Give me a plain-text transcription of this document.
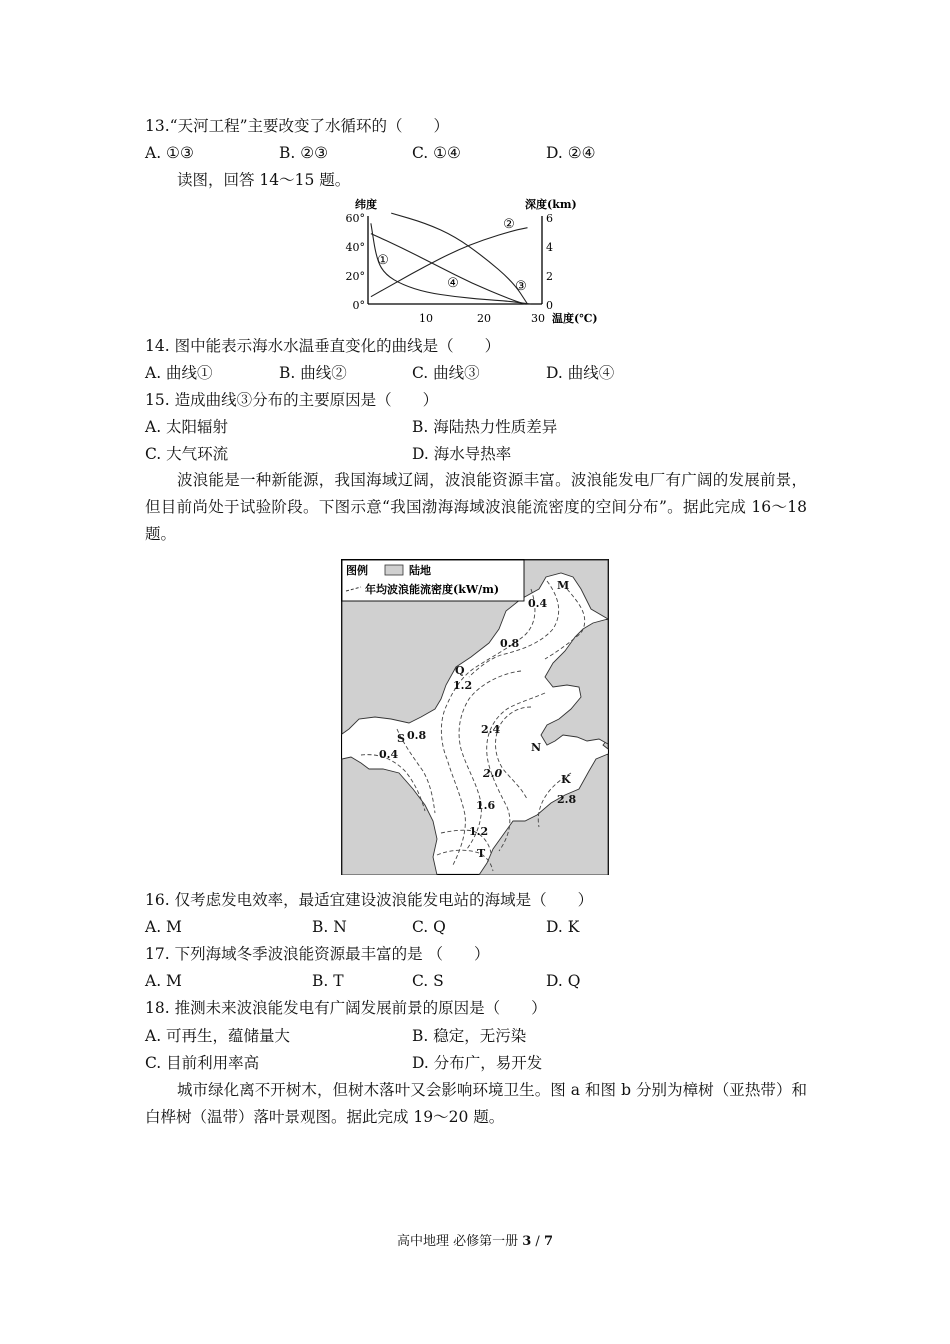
13.“天河工程”主要改变了水循环的（　　）
A. ①③	B. ②③	C. ①④	D. ②④
读图，回答 14～15 题。
纬度	深度(km)
60°
40°
20°
0°
6
4
2
0
10	20	30 温度(℃)
①
②
③
④
14. 图中能表示海水水温垂直变化的曲线是（　　）
A. 曲线①	B. 曲线②	C. 曲线③	D. 曲线④
15. 造成曲线③分布的主要原因是（　　）
A. 太阳辐射	B. 海陆热力性质差异
C. 大气环流	D. 海水导热率
波浪能是一种新能源，我国海域辽阔，波浪能资源丰富。波浪能发电厂有广阔的发展前景，但目前尚处于试验阶段。下图示意“我国渤海海域波浪能流密度的空间分布”。据此完成 16～18 题。
图例	陆地
年均波浪能流密度(kW/m)	M
Q
S
N
K
T
0.4
0.8
1.2
0.8
0.4
2.4
2.0
1.6
1.2
2.8
16. 仅考虑发电效率，最适宜建设波浪能发电站的海域是（　　）
A. M	B. N	C. Q	D. K
17. 下列海域冬季波浪能资源最丰富的是 （　　）
A. M	B. T	C. S	D. Q
18. 推测未来波浪能发电有广阔发展前景的原因是（　　）
A. 可再生，蕴储量大	B. 稳定，无污染
C. 目前利用率高	D. 分布广，易开发
城市绿化离不开树木，但树木落叶又会影响环境卫生。图 a 和图 b 分别为樟树（亚热带）和白桦树（温带）落叶景观图。据此完成 19～20 题。
高中地理 必修第一册 3 / 7
